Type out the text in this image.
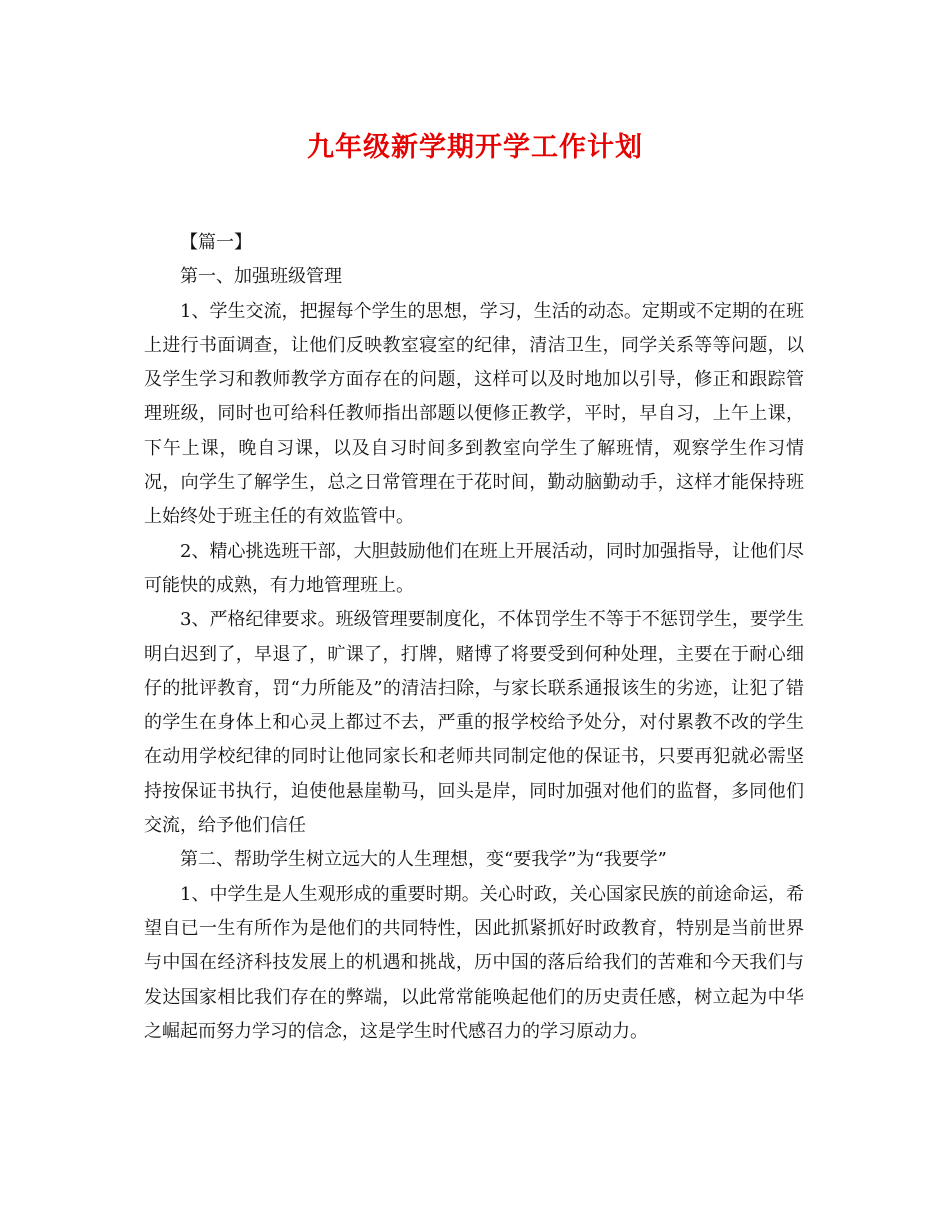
九年级新学期开学工作计划

【篇一】

第一、加强班级管理

1、学生交流，把握每个学生的思想，学习，生活的动态。定期或不定期的在班上进行书面调查，让他们反映教室寝室的纪律，清洁卫生，同学关系等等问题，以及学生学习和教师教学方面存在的问题，这样可以及时地加以引导，修正和跟踪管理班级，同时也可给科任教师指出部题以便修正教学，平时，早自习，上午上课，下午上课，晚自习课，以及自习时间多到教室向学生了解班情，观察学生作习情况，向学生了解学生，总之日常管理在于花时间，勤动脑勤动手，这样才能保持班上始终处于班主任的有效监管中。

2、精心挑选班干部，大胆鼓励他们在班上开展活动，同时加强指导，让他们尽可能快的成熟，有力地管理班上。

3、严格纪律要求。班级管理要制度化，不体罚学生不等于不惩罚学生，要学生明白迟到了，早退了，旷课了，打牌，赌博了将要受到何种处理，主要在于耐心细仔的批评教育，罚“力所能及”的清洁扫除，与家长联系通报该生的劣迹，让犯了错的学生在身体上和心灵上都过不去，严重的报学校给予处分，对付累教不改的学生在动用学校纪律的同时让他同家长和老师共同制定他的保证书，只要再犯就必需坚持按保证书执行，迫使他悬崖勒马，回头是岸，同时加强对他们的监督，多同他们交流，给予他们信任

第二、帮助学生树立远大的人生理想，变“要我学”为“我要学”

1、中学生是人生观形成的重要时期。关心时政，关心国家民族的前途命运，希望自已一生有所作为是他们的共同特性，因此抓紧抓好时政教育，特别是当前世界与中国在经济科技发展上的机遇和挑战，历中国的落后给我们的苦难和今天我们与发达国家相比我们存在的弊端，以此常常能唤起他们的历史责任感，树立起为中华之崛起而努力学习的信念，这是学生时代感召力的学习原动力。
